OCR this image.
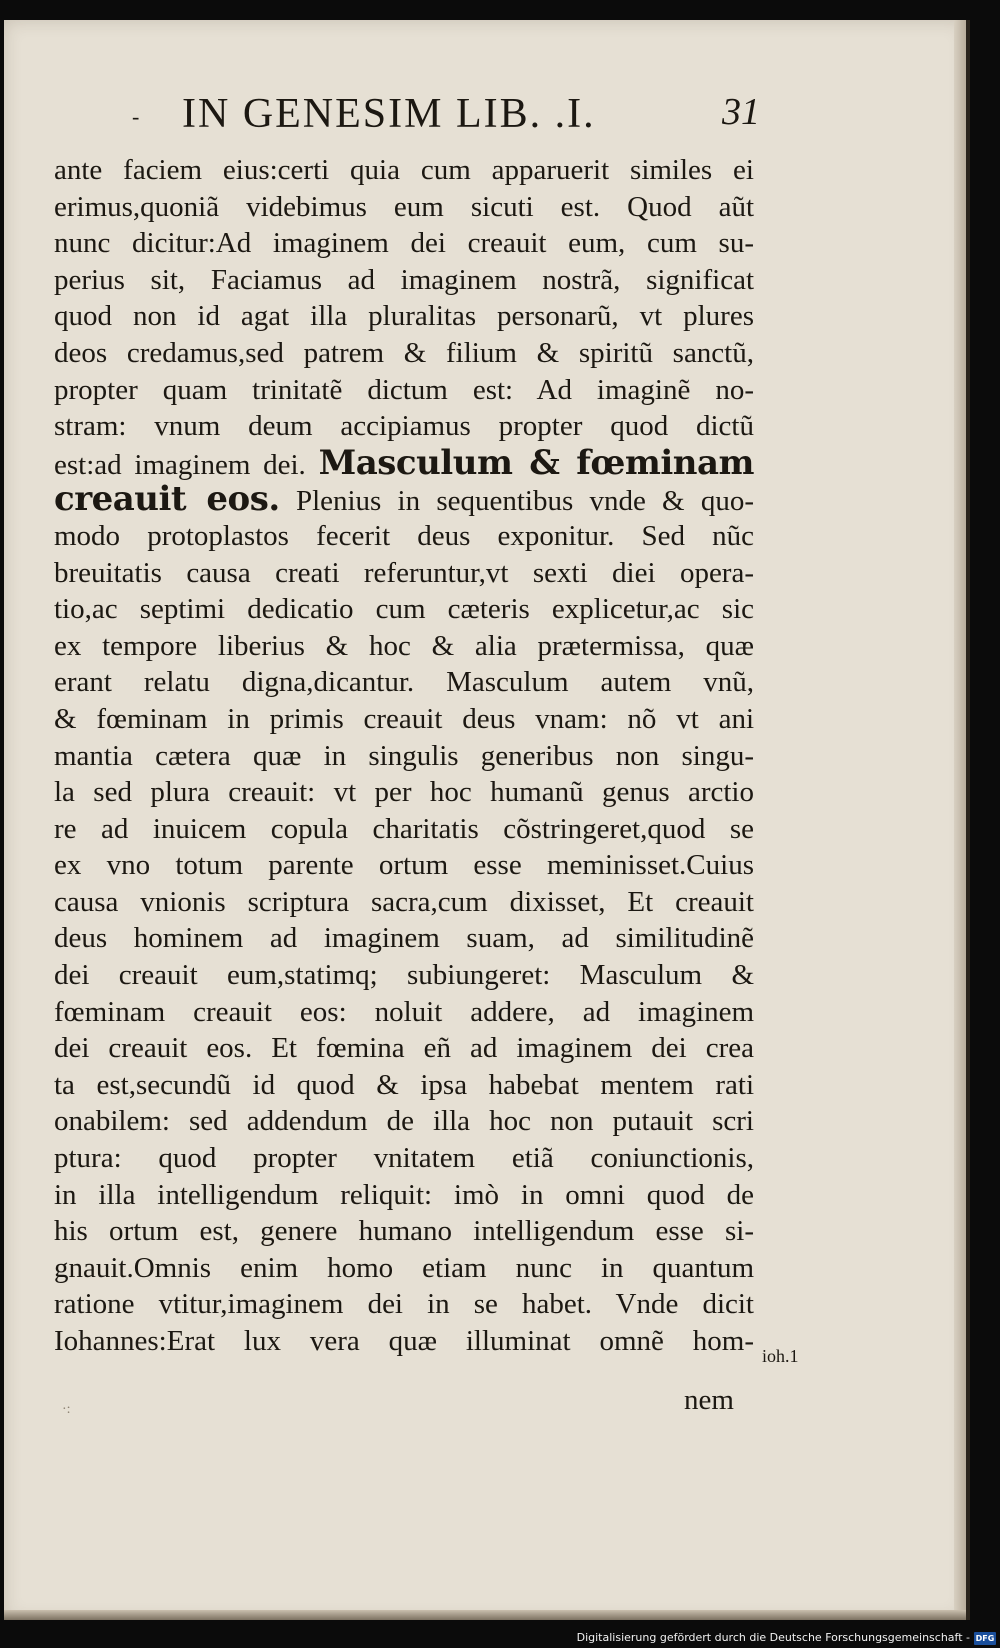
- IN GENESIM LIB. .I.	31
ante faciem eius:certi quia cum apparuerit similes ei
erimus,quoniã videbimus eum sicuti est. Quod aũt
nunc dicitur:Ad imaginem dei creauit eum, cum su-
perius sit, Faciamus ad imaginem nostrã, significat
quod non id agat illa pluralitas personarũ, vt plures
deos credamus,sed patrem & filium & spiritũ sanctũ,
propter quam trinitatẽ dictum est: Ad imaginẽ no-
stram: vnum deum accipiamus propter quod dictũ
est:ad imaginem dei. Masculum & fœminam
creauit eos. Plenius in sequentibus vnde & quo-
modo protoplastos fecerit deus exponitur. Sed nũc
breuitatis causa creati referuntur,vt sexti diei opera-
tio,ac septimi dedicatio cum cæteris explicetur,ac sic
ex tempore liberius & hoc & alia prætermissa, quæ
erant relatu digna,dicantur. Masculum autem vnũ,
& fœminam in primis creauit deus vnam: nõ vt ani
mantia cætera quæ in singulis generibus non singu-
la sed plura creauit: vt per hoc humanũ genus arctio
re ad inuicem copula charitatis cõstringeret,quod se
ex vno totum parente ortum esse meminisset.Cuius
causa vnionis scriptura sacra,cum dixisset, Et creauit
deus hominem ad imaginem suam, ad similitudinẽ
dei creauit eum,statimq; subiungeret: Masculum &
fœminam creauit eos: noluit addere, ad imaginem
dei creauit eos. Et fœmina eñ ad imaginem dei crea
ta est,secundũ id quod & ipsa habebat mentem rati
onabilem: sed addendum de illa hoc non putauit scri
ptura: quod propter vnitatem etiã coniunctionis,
in illa intelligendum reliquit: imò in omni quod de
his ortum est, genere humano intelligendum esse si-
gnauit.Omnis enim homo etiam nunc in quantum
ratione vtitur,imaginem dei in se habet. Vnde dicit
Iohannes:Erat lux vera quæ illuminat omnẽ hom- ioh.1
nem
·:
Digitalisierung gefördert durch die Deutsche Forschungsgemeinschaft - DFG
